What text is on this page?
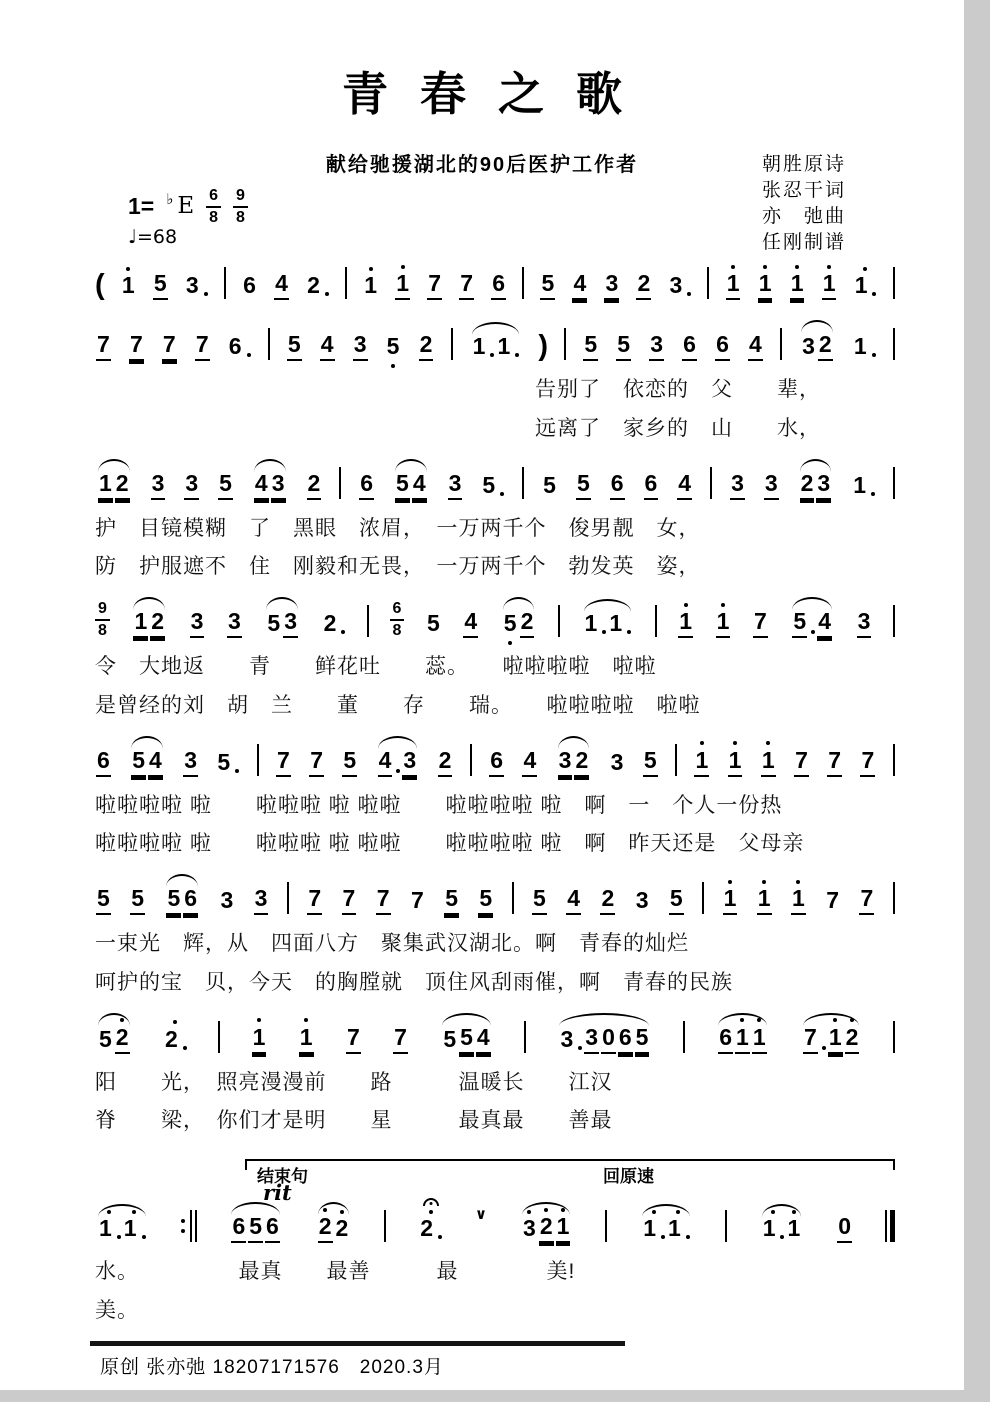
青春之歌
献给驰援湖北的90后医护工作者	朝胜原诗
张忍干词
亦　弛曲
任刚制谱
1= ♭ E 6
8
9
8
♩=68
( 1 5 3 6 4 2 1 1 7 7 6 5 4 3 2 3 1 1 1 1 1
7 7 7 7 6 5 4 3 5 2 1 1 ) 5 5 3 6 6 4 3 2 1
　　　　　　　　　　　　　　　　　　　　告别了　依恋的　父　　辈，
　　　　　　　　　　　　　　　　　　　　远离了　家乡的　山　　水，
1 2 3 3 5 4 3 2 6 5 4 3 5 5 5 6 6 4 3 3 2 3 1
护　目镜模糊　了　黑眼　浓眉，　一万两千个　俊男靓　女，
防　护服遮不　住　刚毅和无畏，　一万两千个　勃发英　姿，
9
8 1 2 3 3 5 3 2
6
8 5 4 5 2 1 1 1 1 7 5 4 3
令　大地返　　青　　鲜花吐　　蕊。　　啦啦啦啦　啦啦
是曾经的刘　胡　兰　　董　　存　　瑞。　　啦啦啦啦　啦啦
6 5 4 3 5 7 7 5 4 3 2 6 4 3 2 3 5 1 1 1 7 7 7
啦啦啦啦 啦　　啦啦啦 啦 啦啦　　啦啦啦啦 啦　啊　一　个人一份热
啦啦啦啦 啦　　啦啦啦 啦 啦啦　　啦啦啦啦 啦　啊　昨天还是　父母亲
5 5 5 6 3 3 7 7 7 7 5 5 5 4 2 3 5 1 1 1 7 7
一束光　辉，从　四面八方　聚集武汉湖北。啊　青春的灿烂
呵护的宝　贝，今天　的胸膛就　顶住风刮雨催，啊　青春的民族
5 2 2	1 1 7 7 5 5 4	3 3 0 6 5	6 1 1 7 1 2
阳　　光，　照亮漫漫前　　路　　　温暖长　　江汉
脊　　梁，　你们才是明　　星　　　最真最　　善最
结束句	回原速
rit
1 1	6 5 6 2 2	2
∨
3 2 1	1 1	1 1 0
水。　　　　　最真　　最善　　　最　　　　美!
美。
原创 张亦弛 18207171576　2020.3月
